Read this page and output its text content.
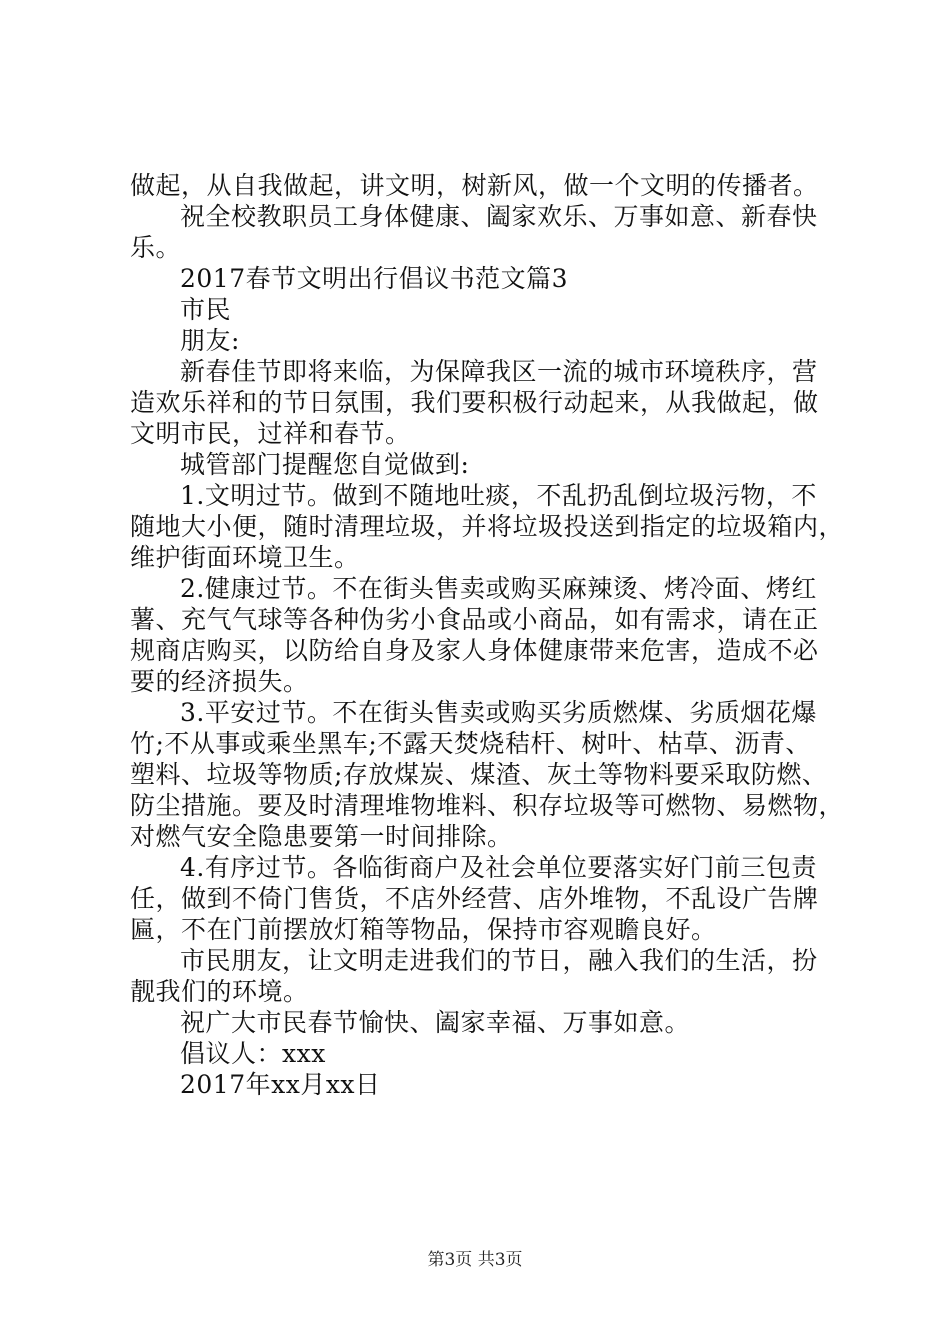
做起，从自我做起，讲文明，树新风，做一个文明的传播者。
祝全校教职员工身体健康、阖家欢乐、万事如意、新春快
乐。
2017春节文明出行倡议书范文篇3
市民
朋友:
新春佳节即将来临，为保障我区一流的城市环境秩序，营
造欢乐祥和的节日氛围，我们要积极行动起来，从我做起，做
文明市民，过祥和春节。
城管部门提醒您自觉做到:
1.文明过节。做到不随地吐痰，不乱扔乱倒垃圾污物，不
随地大小便，随时清理垃圾，并将垃圾投送到指定的垃圾箱内，
维护街面环境卫生。
2.健康过节。不在街头售卖或购买麻辣烫、烤冷面、烤红
薯、充气气球等各种伪劣小食品或小商品，如有需求，请在正
规商店购买，以防给自身及家人身体健康带来危害，造成不必
要的经济损失。
3.平安过节。不在街头售卖或购买劣质燃煤、劣质烟花爆
竹;不从事或乘坐黑车;不露天焚烧秸杆、树叶、枯草、沥青、
塑料、垃圾等物质;存放煤炭、煤渣、灰土等物料要采取防燃、
防尘措施。要及时清理堆物堆料、积存垃圾等可燃物、易燃物，
对燃气安全隐患要第一时间排除。
4.有序过节。各临街商户及社会单位要落实好门前三包责
任，做到不倚门售货，不店外经营、店外堆物，不乱设广告牌
匾，不在门前摆放灯箱等物品，保持市容观瞻良好。
市民朋友，让文明走进我们的节日，融入我们的生活，扮
靓我们的环境。
祝广大市民春节愉快、阖家幸福、万事如意。
倡议人：xxx
2017年xx月xx日
第3页 共3页
